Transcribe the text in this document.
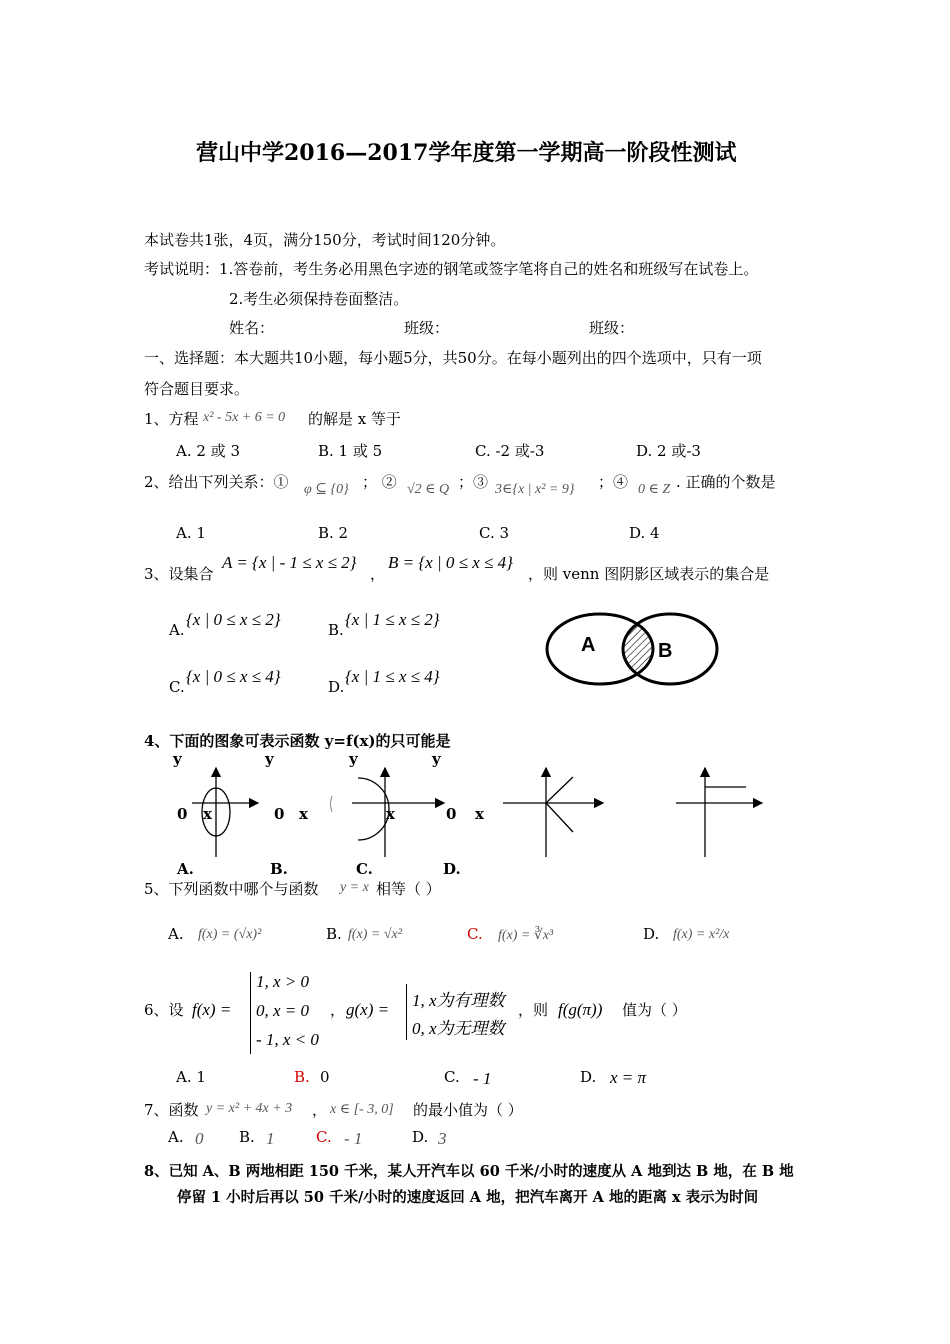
营山中学2016—2017学年度第一学期高一阶段性测试
本试卷共1张，4页，满分150分，考试时间120分钟。
考试说明：1.答卷前，考生务必用黑色字迹的钢笔或签字笔将自己的姓名和班级写在试卷上。
2.考生必须保持卷面整洁。
姓名：	班级：	班级：
一、选择题：本大题共10小题，每小题5分，共50分。在每小题列出的四个选项中，只有一项
符合题目要求。
1、方程 x² - 5x + 6 = 0 的解是 x 等于
A. 2 或 3	B. 1 或 5	C. -2 或-3	D. 2 或-3
2、给出下列关系：① φ ⊆ {0} ； ② √2 ∈ Q ；③ 3∈{x | x² = 9} ；④ 0 ∈ Z . 正确的个数是
A. 1	B. 2	C. 3	D. 4
3、设集合
A = {x | - 1 ≤ x ≤ 2}
，
B = {x | 0 ≤ x ≤ 4}
，则 venn 图阴影区域表示的集合是
A.
{x | 0 ≤ x ≤ 2}
B.
{x | 1 ≤ x ≤ 2}
C.
{x | 0 ≤ x ≤ 4}
D.
{x | 1 ≤ x ≤ 4}
A	B
4、下面的图象可表示函数 y=f(x)的只可能是
y	y	y	y
0 x	0 x	x	0 x
A.	B.	C.	D.
5、下列函数中哪个与函数 y = x 相等（ ）
A. f(x) = (√x)²	B. f(x) = √x²	C. f(x) = ∛x³	D. f(x) = x²/x
6、设 f(x) =
1, x > 0
0, x = 0
- 1, x < 0
， g(x) = 1, x为有理数
0, x为无理数
，则 f(g(π)) 值为（ ）
A. 1	B. 0	C. - 1	D. x = π
7、函数 y = x² + 4x + 3 ， x ∈ [- 3, 0] 的最小值为（ ）
A. 0 B. 1	C. - 1	D. 3
8、已知 A、B 两地相距 150 千米，某人开汽车以 60 千米/小时的速度从 A 地到达 B 地，在 B 地
停留 1 小时后再以 50 千米/小时的速度返回 A 地，把汽车离开 A 地的距离 x 表示为时间
